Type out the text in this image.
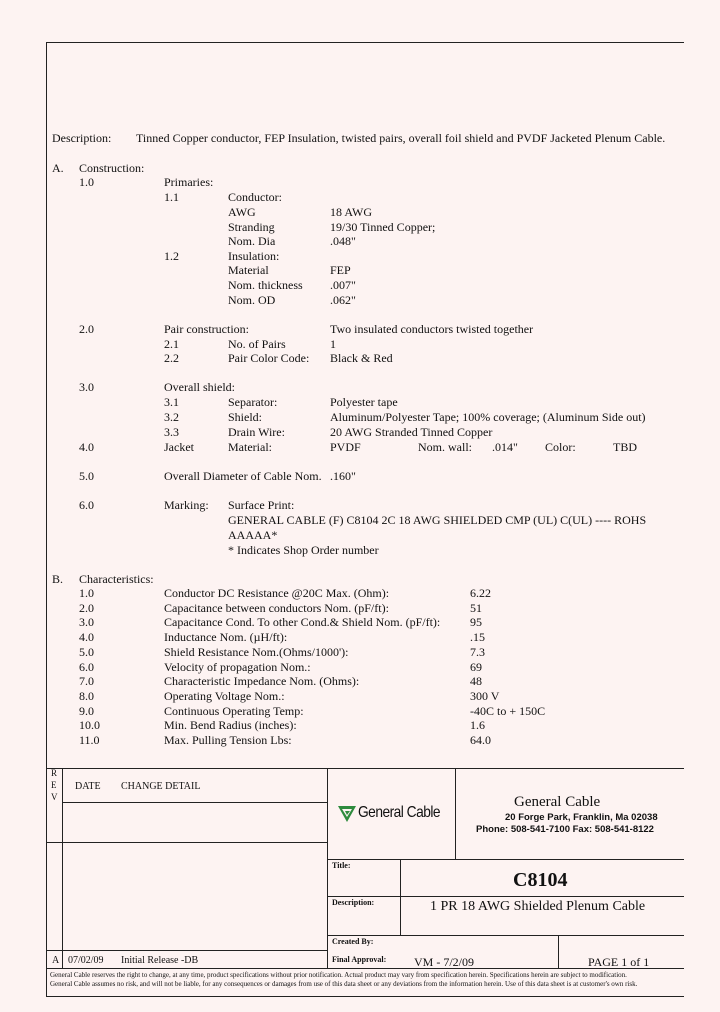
Description: Tinned Copper conductor, FEP Insulation, twisted pairs, overall foil shield and PVDF Jacketed Plenum Cable.
A. Construction:
1.0	Primaries:
1.1	Conductor:
AWG	18 AWG
Stranding	19/30 Tinned Copper;
Nom. Dia	.048"
1.2	Insulation:
Material	FEP
Nom. thickness .007"
Nom. OD	.062"
2.0	Pair construction:	Two insulated conductors twisted together
2.1	No. of Pairs	1
2.2	Pair Color Code: Black & Red
3.0	Overall shield:
3.1	Separator:	Polyester tape
3.2	Shield:	Aluminum/Polyester Tape; 100% coverage; (Aluminum Side out)
3.3	Drain Wire:	20 AWG Stranded Tinned Copper
4.0	Jacket	Material:	PVDF	Nom. wall: .014" Color:	TBD
5.0	Overall Diameter of Cable Nom. .160"
6.0	Marking: Surface Print:
GENERAL CABLE (F) C8104 2C 18 AWG SHIELDED CMP (UL) C(UL) ---- ROHS
AAAAA*
* Indicates Shop Order number
B. Characteristics:
1.0	Conductor DC Resistance @20C Max. (Ohm):	6.22
2.0	Capacitance between conductors Nom. (pF/ft):	51
3.0	Capacitance Cond. To other Cond.& Shield Nom. (pF/ft): 95
4.0	Inductance Nom. (µH/ft):	.15
5.0	Shield Resistance Nom.(Ohms/1000'):	7.3
6.0	Velocity of propagation Nom.:	69
7.0	Characteristic Impedance Nom. (Ohms):	48
8.0	Operating Voltage Nom.:	300 V
9.0	Continuous Operating Temp:	-40C to + 150C
10.0	Min. Bend Radius (inches):	1.6
11.0	Max. Pulling Tension Lbs:	64.0
R
E
V
DATE CHANGE DETAIL
General Cable
General Cable
20 Forge Park, Franklin, Ma 02038
Phone: 508-541-7100 Fax: 508-541-8122
Title:
C8104
Description:	1 PR 18 AWG Shielded Plenum Cable
Created By:
Final Approval: VM - 7/2/09	PAGE 1 of 1
A 07/02/09 Initial Release -DB
General Cable reserves the right to change, at any time, product specifications without prior notification. Actual product may vary from specification herein. Specifications herein are subject to modification.
General Cable assumes no risk, and will not be liable, for any consequences or damages from use of this data sheet or any deviations from the information herein. Use of this data sheet is at customer's own risk.
